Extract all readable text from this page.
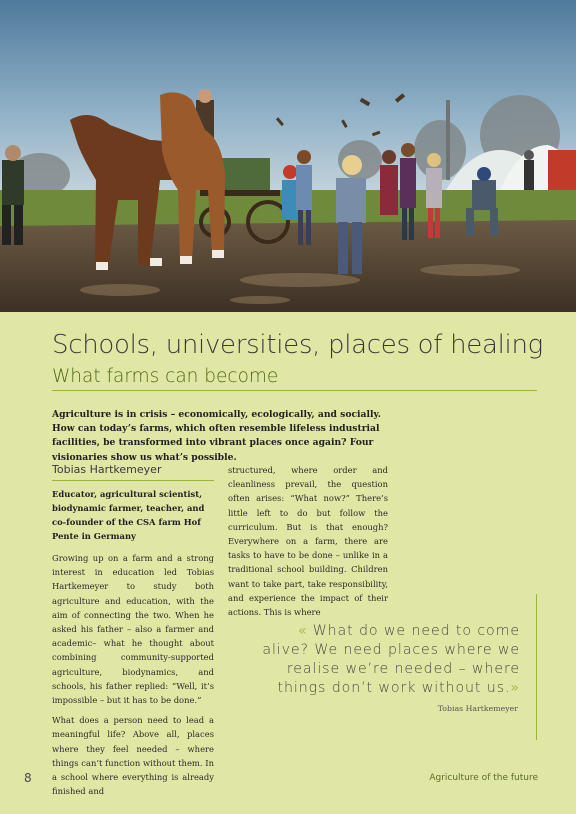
Schools, universities, places of healing
What farms can become

Agriculture is in crisis – economically, ecologically, and socially. How can today’s farms, which often resemble lifeless industrial facilities, be transformed into vibrant places once again? Four visionaries show us what’s possible.

Tobias Hartkemeyer

Educator, agricultural scientist, biodynamic farmer, teacher, and co-founder of the CSA farm Hof Pente in Germany

Growing up on a farm and a strong interest in education led Tobias Hartkemeyer to study both agriculture and education, with the aim of connecting the two. When he asked his father – also a farmer and academic– what he thought about combining community-supported agriculture, biodynamics, and schools, his father replied: “Well, it’s impossible – but it has to be done.”

What does a person need to lead a meaningful life? Above all, places where they feel needed – where things can’t function without them. In a school where everything is already finished and

structured, where order and cleanliness prevail, the question often arises: “What now?” There’s little left to do but follow the curriculum. But is that enough? Everywhere on a farm, there are tasks to have to be done – unlike in a traditional school building. Children want to take part, take responsibility, and experience the impact of their actions. This is where

« What do we need to come alive? We need places where we realise we’re needed – where things don’t work without us.»

Tobias Hartkemeyer

8	Agriculture of the future
